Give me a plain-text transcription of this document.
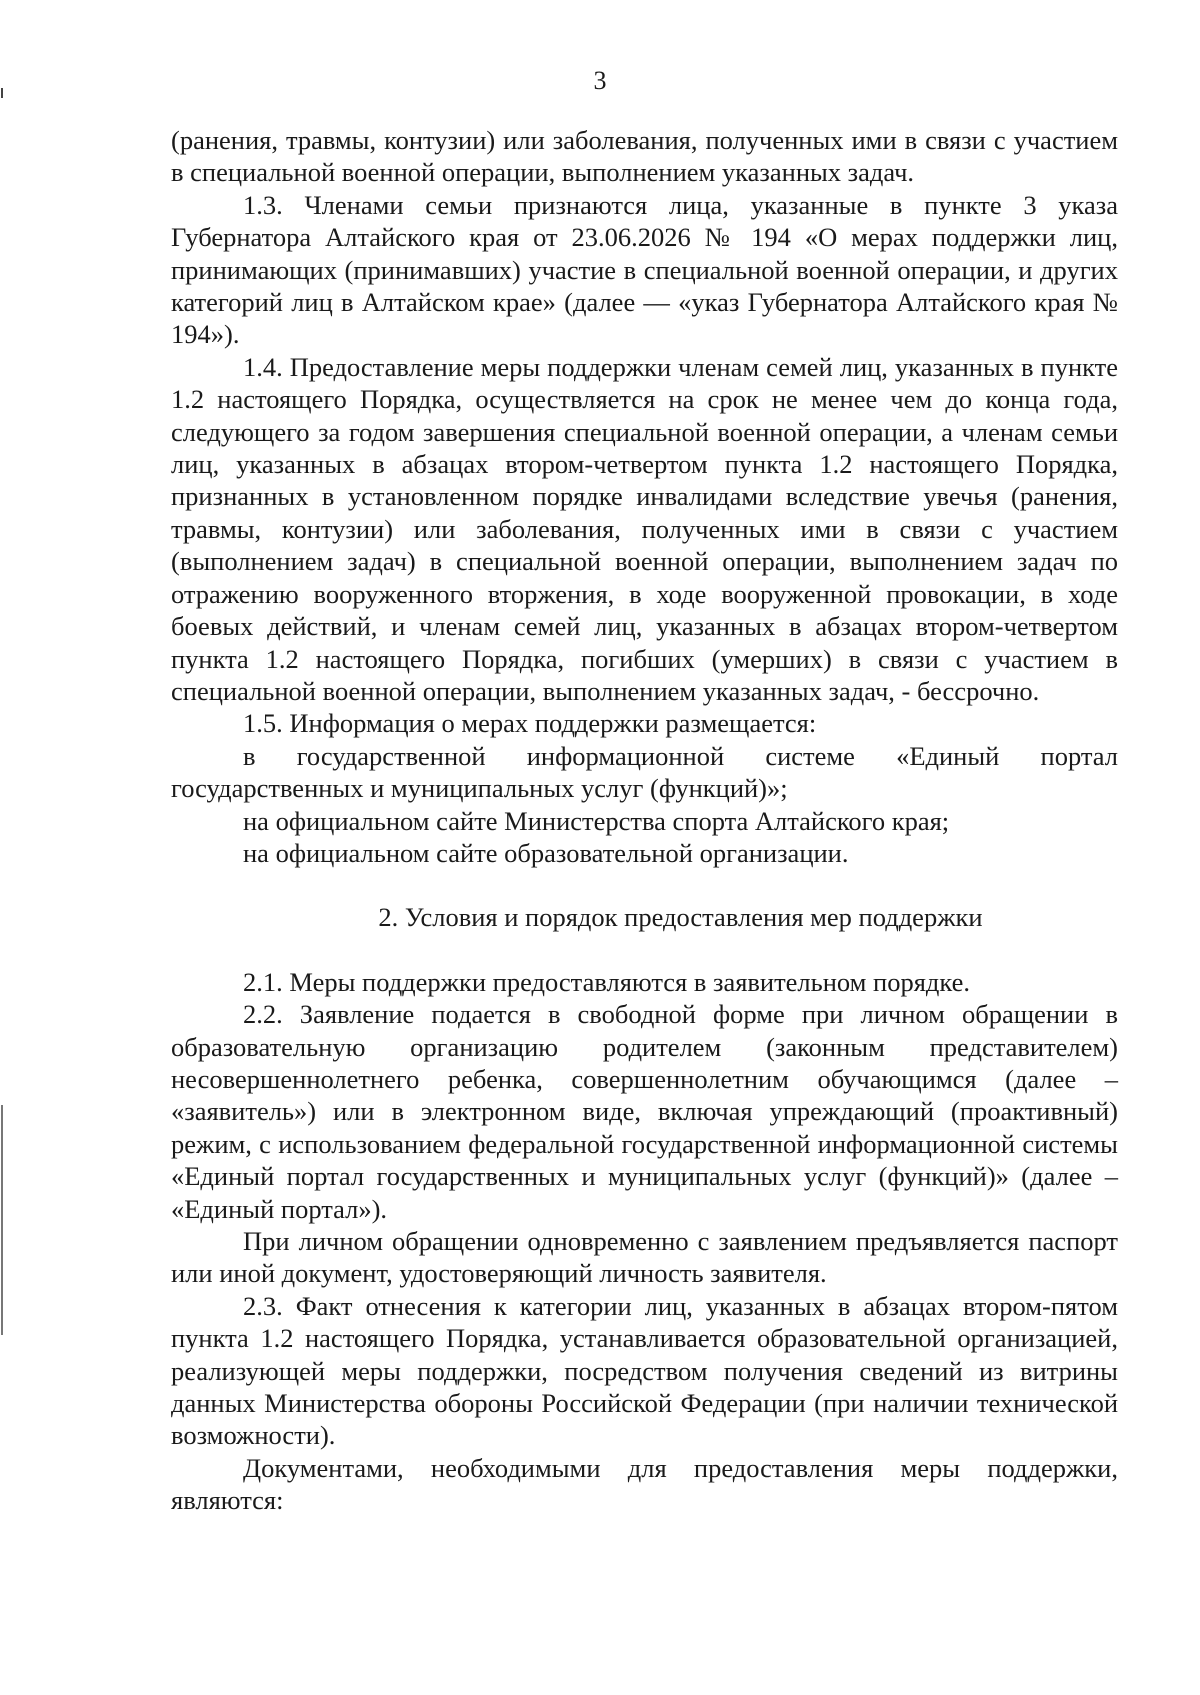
3

(ранения, травмы, контузии) или заболевания, полученных ими в связи с участием в специальной военной операции, выполнением указанных задач.

1.3. Членами семьи признаются лица, указанные в пункте 3 указа Губернатора Алтайского края от 23.06.2026 № 194 «О мерах поддержки лиц, принимающих (принимавших) участие в специальной военной операции, и других категорий лиц в Алтайском крае» (далее — «указ Губернатора Алтайского края № 194»).

1.4. Предоставление меры поддержки членам семей лиц, указанных в пункте 1.2 настоящего Порядка, осуществляется на срок не менее чем до конца года, следующего за годом завершения специальной военной операции, а членам семьи лиц, указанных в абзацах втором-четвертом пункта 1.2 настоящего Порядка, признанных в установленном порядке инвалидами вследствие увечья (ранения, травмы, контузии) или заболевания, полученных ими в связи с участием (выполнением задач) в специальной военной операции, выполнением задач по отражению вооруженного вторжения, в ходе вооруженной провокации, в ходе боевых действий, и членам семей лиц, указанных в абзацах втором-четвертом пункта 1.2 настоящего Порядка, погибших (умерших) в связи с участием в специальной военной операции, выполнением указанных задач, - бессрочно.

1.5. Информация о мерах поддержки размещается:

в государственной информационной системе «Единый портал государственных и муниципальных услуг (функций)»;

на официальном сайте Министерства спорта Алтайского края;

на официальном сайте образовательной организации.

2. Условия и порядок предоставления мер поддержки

2.1. Меры поддержки предоставляются в заявительном порядке.

2.2. Заявление подается в свободной форме при личном обращении в образовательную организацию родителем (законным представителем) несовершеннолетнего ребенка, совершеннолетним обучающимся (далее – «заявитель») или в электронном виде, включая упреждающий (проактивный) режим, с использованием федеральной государственной информационной системы «Единый портал государственных и муниципальных услуг (функций)» (далее – «Единый портал»).

При личном обращении одновременно с заявлением предъявляется паспорт или иной документ, удостоверяющий личность заявителя.

2.3. Факт отнесения к категории лиц, указанных в абзацах втором-пятом пункта 1.2 настоящего Порядка, устанавливается образовательной организацией, реализующей меры поддержки, посредством получения сведений из витрины данных Министерства обороны Российской Федерации (при наличии технической возможности).

Документами, необходимыми для предоставления меры поддержки, являются:
